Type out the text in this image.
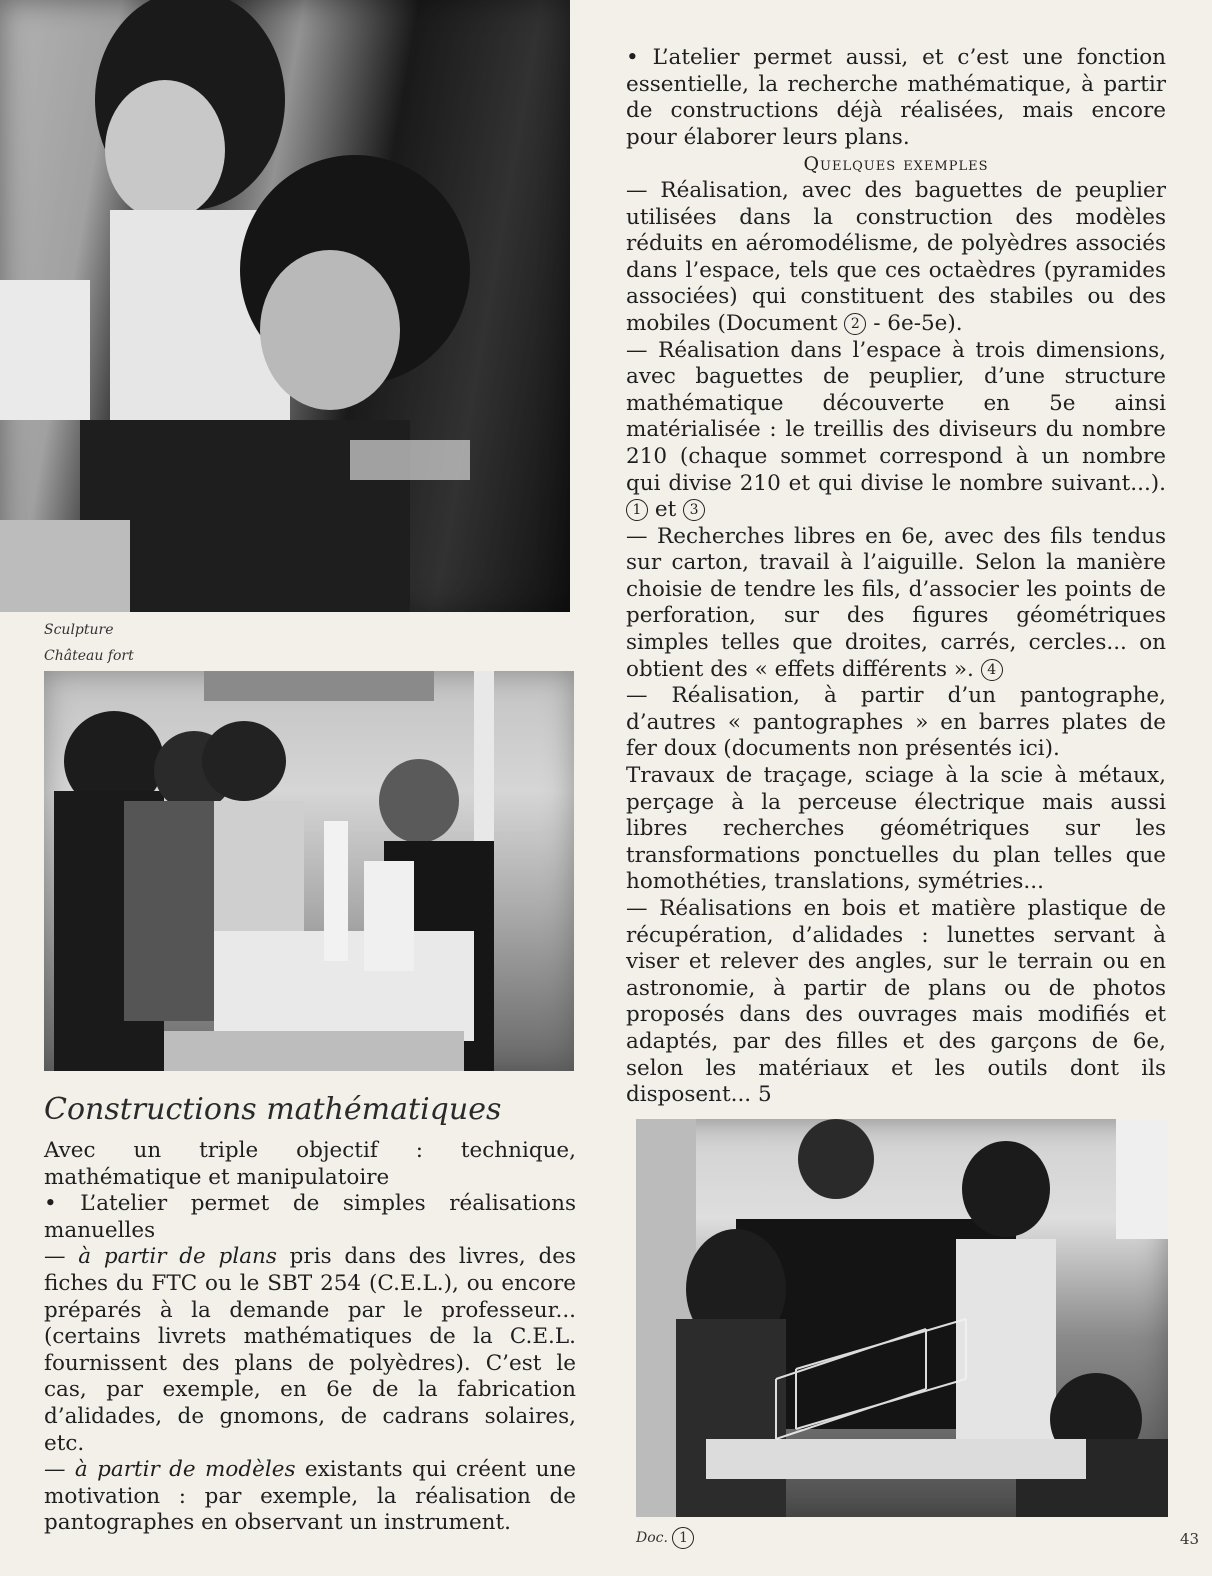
Sculpture
Château fort

• L’atelier permet aussi, et c’est une fonction essentielle, la recherche mathématique, à partir de constructions déjà réalisées, mais encore pour élaborer leurs plans.

Quelques exemples

— Réalisation, avec des baguettes de peuplier utilisées dans la construction des modèles réduits en aéromodélisme, de polyèdres associés dans l’espace, tels que ces octaèdres (pyramides associées) qui constituent des stabiles ou des mobiles (Document 2 - 6e-5e).

— Réalisation dans l’espace à trois dimensions, avec baguettes de peuplier, d’une structure mathématique découverte en 5e ainsi matérialisée : le treillis des diviseurs du nombre 210 (chaque sommet correspond à un nombre qui divise 210 et qui divise le nombre suivant...). 1 et 3

— Recherches libres en 6e, avec des fils tendus sur carton, travail à l’aiguille. Selon la manière choisie de tendre les fils, d’associer les points de perforation, sur des figures géométriques simples telles que droites, carrés, cercles... on obtient des « effets différents ». 4

— Réalisation, à partir d’un pantographe, d’autres « pantographes » en barres plates de fer doux (documents non présentés ici).

Travaux de traçage, sciage à la scie à métaux, perçage à la perceuse électrique mais aussi libres recherches géométriques sur les transformations ponctuelles du plan telles que homothéties, translations, symétries...

— Réalisations en bois et matière plastique de récupération, d’alidades : lunettes servant à viser et relever des angles, sur le terrain ou en astronomie, à partir de plans ou de photos proposés dans des ouvrages mais modifiés et adaptés, par des filles et des garçons de 6e, selon les matériaux et les outils dont ils disposent... 5

Constructions mathématiques

Avec un triple objectif : technique, mathématique et manipulatoire

• L’atelier permet de simples réalisations manuelles

— à partir de plans pris dans des livres, des fiches du FTC ou le SBT 254 (C.E.L.), ou encore préparés à la demande par le professeur... (certains livrets mathématiques de la C.E.L. fournissent des plans de polyèdres). C’est le cas, par exemple, en 6e de la fabrication d’alidades, de gnomons, de cadrans solaires, etc.

— à partir de modèles existants qui créent une motivation : par exemple, la réalisation de pantographes en observant un instrument.

Doc. 1	43
